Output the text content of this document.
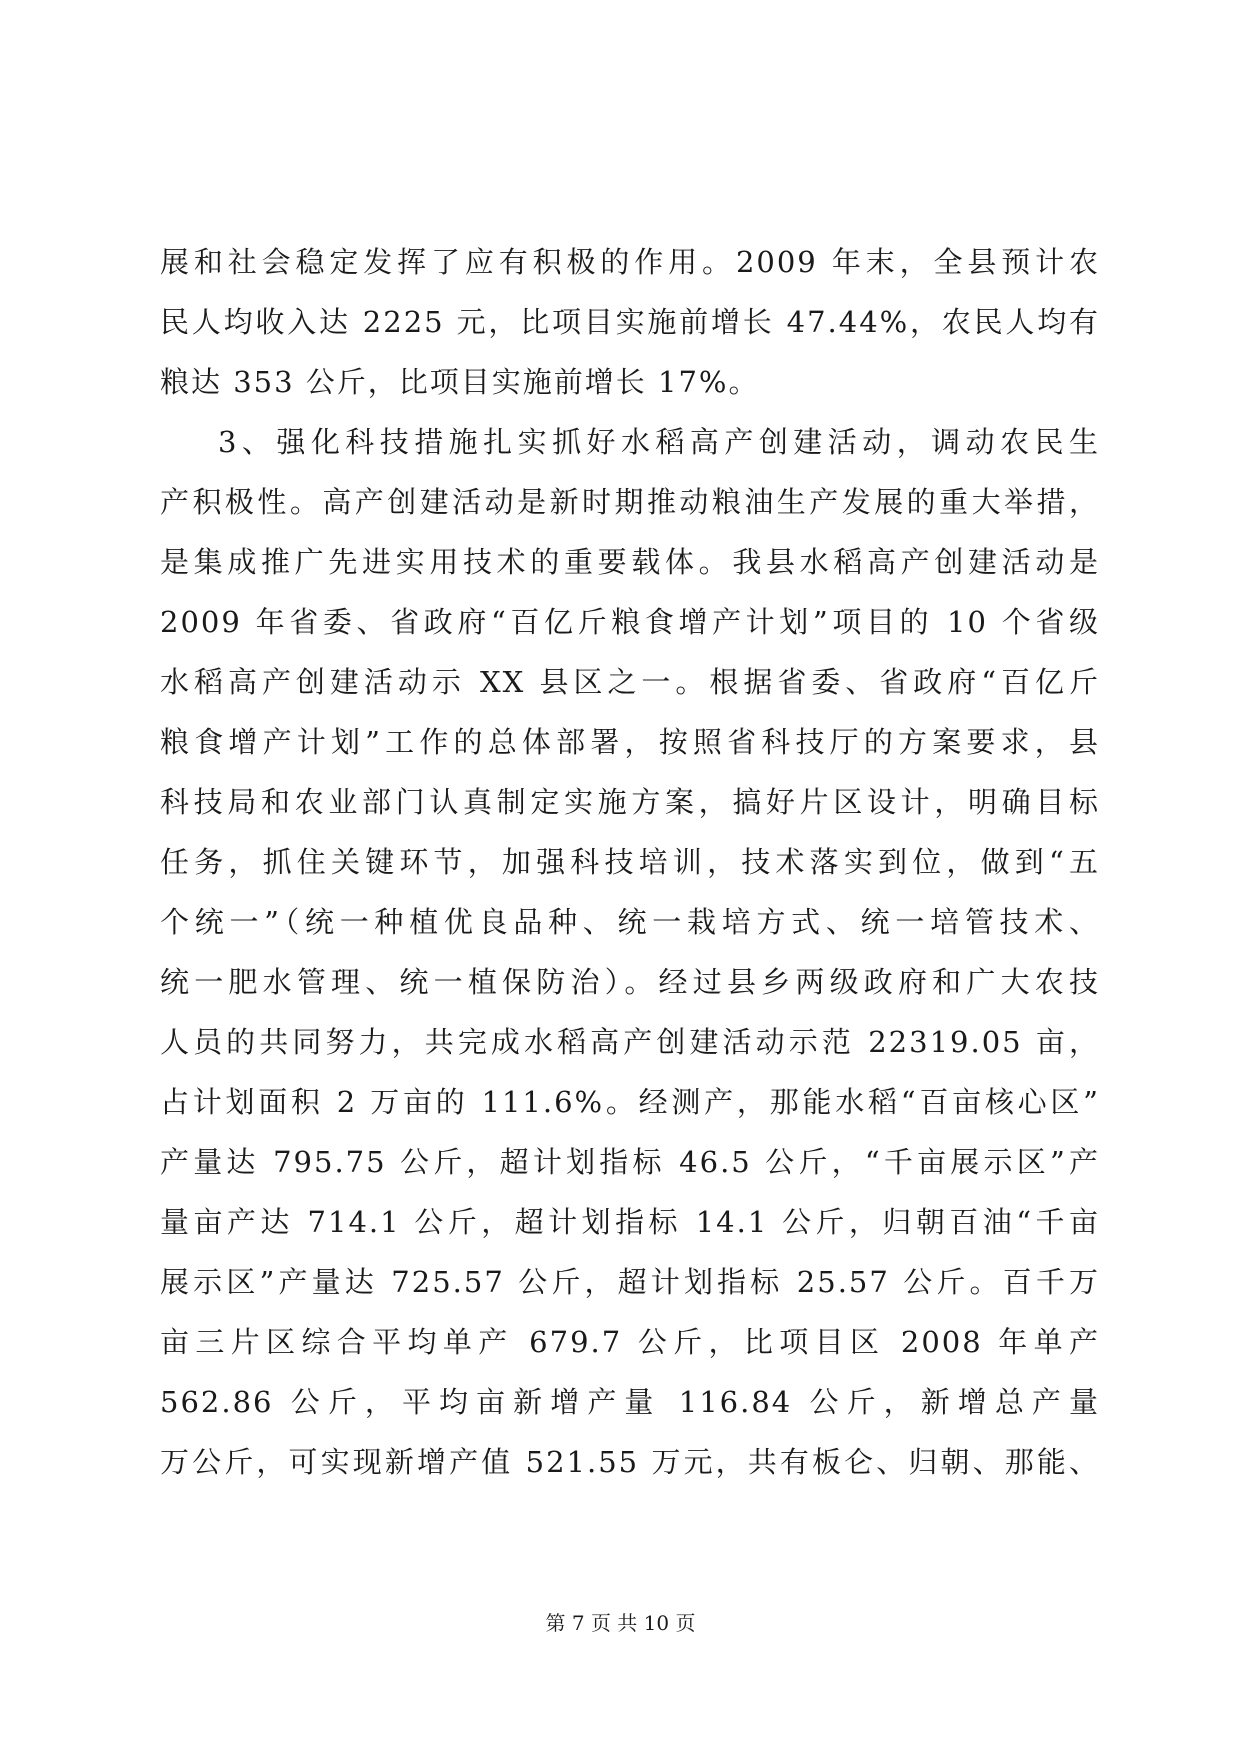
展和社会稳定发挥了应有积极的作用。2009 年末，全县预计农
民人均收入达 2225 元，比项目实施前增长 47.44%，农民人均有
粮达 353 公斤，比项目实施前增长 17%。
3、强化科技措施扎实抓好水稻高产创建活动，调动农民生
产积极性。高产创建活动是新时期推动粮油生产发展的重大举措，
是集成推广先进实用技术的重要载体。我县水稻高产创建活动是
2009 年省委、省政府“百亿斤粮食增产计划”项目的 10 个省级
水稻高产创建活动示 XX 县区之一。根据省委、省政府“百亿斤
粮食增产计划”工作的总体部署，按照省科技厅的方案要求，县
科技局和农业部门认真制定实施方案，搞好片区设计，明确目标
任务，抓住关键环节，加强科技培训，技术落实到位，做到“五
个统一”（统一种植优良品种、统一栽培方式、统一培管技术、
统一肥水管理、统一植保防治）。经过县乡两级政府和广大农技
人员的共同努力，共完成水稻高产创建活动示范 22319.05 亩，
占计划面积 2 万亩的 111.6%。经测产，那能水稻“百亩核心区”
产量达 795.75 公斤，超计划指标 46.5 公斤，“千亩展示区”产
量亩产达 714.1 公斤，超计划指标 14.1 公斤，归朝百油“千亩
展示区”产量达 725.57 公斤，超计划指标 25.57 公斤。百千万
亩三片区综合平均单产 679.7 公斤，比项目区 2008 年单产
562.86 公斤，平均亩新增产量 116.84 公斤，新增总产量
万公斤，可实现新增产值 521.55 万元，共有板仑、归朝、那能、
第 7 页 共 10 页
